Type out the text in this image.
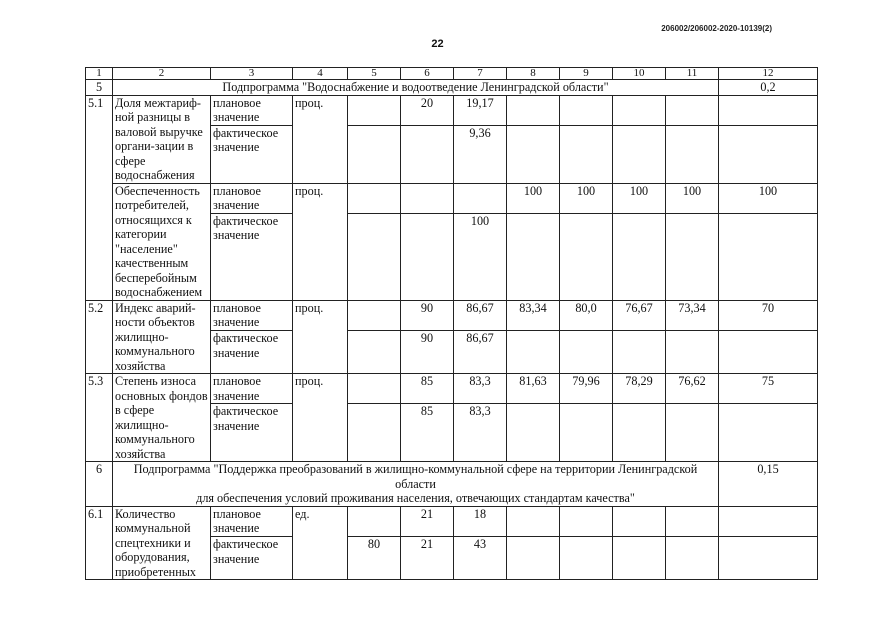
206002/206002-2020-10139(2)
22
1	2	3	4	5	6	7	8	9	10	11	12	
5	Подпрограмма "Водоснабжение и водоотведение Ленинградской области"										0,2	
5.1	Доля межтариф-ной разницы в валовой выручке органи-зации в сфере водоснабжения	плановое значение	проц.		20	19,17						
		фактическое значение				9,36						
	Обеспеченность потребителей, относящихся к категории "население" качественным бесперебойным водоснабжением	плановое значение	проц.				100	100	100	100	100	
		фактическое значение				100						
5.2	Индекс аварий-ности объектов жилищно-коммунального хозяйства	плановое значение	проц.		90	86,67	83,34	80,0	76,67	73,34	70	
		фактическое значение			90	86,67						
5.3	Степень износа основных фондов в сфере жилищно-коммунального хозяйства	плановое значение	проц.		85	83,3	81,63	79,96	78,29	76,62	75	
		фактическое значение			85	83,3						
6	Подпрограмма "Поддержка преобразований в жилищно-коммунальной сфере на территории Ленинградской области
для обеспечения условий проживания населения, отвечающих стандартам качества"										0,15	
6.1	Количество коммунальной спецтехники и оборудования, приобретенных	плановое значение	ед.		21	18						
		фактическое значение		80	21	43						
